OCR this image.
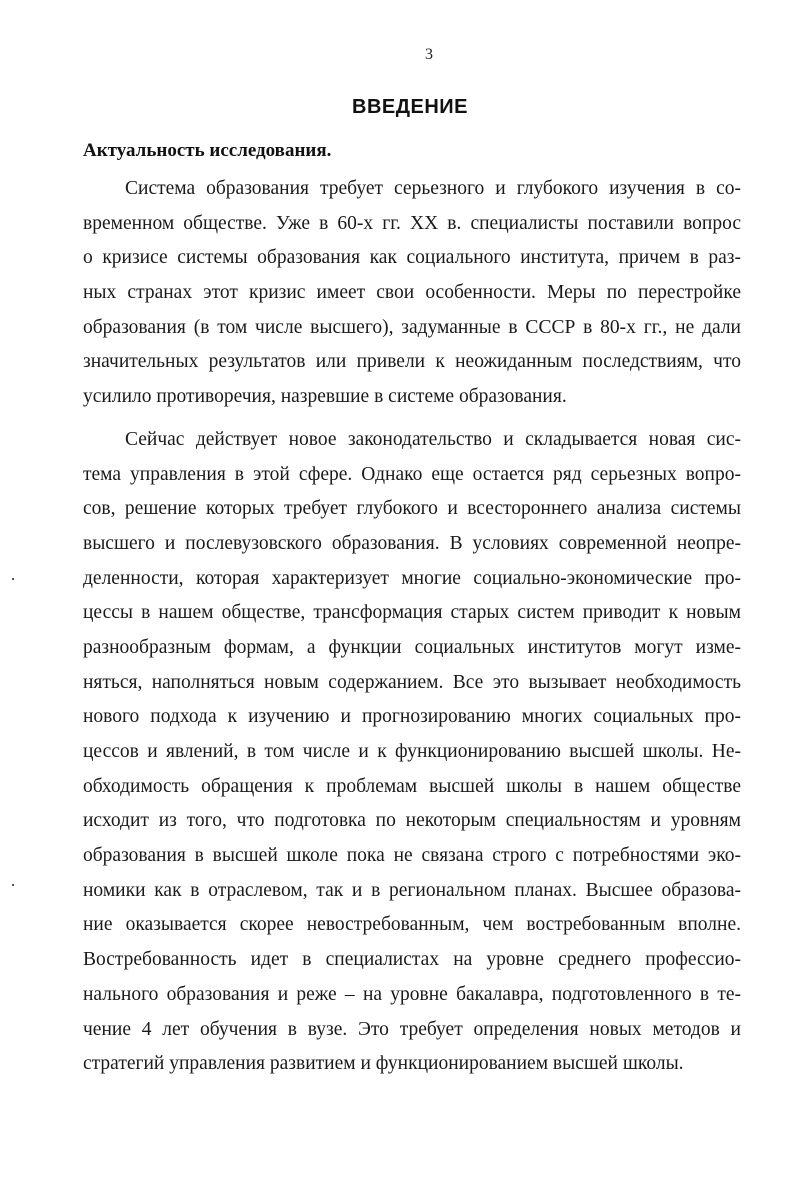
3
ВВЕДЕНИЕ
Актуальность исследования.
Система образования требует серьезного и глубокого изучения в со-
временном обществе. Уже в 60-х гг. XX в. специалисты поставили вопрос
о кризисе системы образования как социального института, причем в раз-
ных странах этот кризис имеет свои особенности. Меры по перестройке
образования (в том числе высшего), задуманные в СССР в 80-х гг., не дали
значительных результатов или привели к неожиданным последствиям, что
усилило противоречия, назревшие в системе образования.
Сейчас действует новое законодательство и складывается новая сис-
тема управления в этой сфере. Однако еще остается ряд серьезных вопро-
сов, решение которых требует глубокого и всестороннего анализа системы
высшего и послевузовского образования. В условиях современной неопре-
деленности, которая характеризует многие социально-экономические про-
цессы в нашем обществе, трансформация старых систем приводит к новым
разнообразным формам, а функции социальных институтов могут изме-
няться, наполняться новым содержанием. Все это вызывает необходимость
нового подхода к изучению и прогнозированию многих социальных про-
цессов и явлений, в том числе и к функционированию высшей школы. Не-
обходимость обращения к проблемам высшей школы в нашем обществе
исходит из того, что подготовка по некоторым специальностям и уровням
образования в высшей школе пока не связана строго с потребностями эко-
номики как в отраслевом, так и в региональном планах. Высшее образова-
ние оказывается скорее невостребованным, чем востребованным вполне.
Востребованность идет в специалистах на уровне среднего профессио-
нального образования и реже – на уровне бакалавра, подготовленного в те-
чение 4 лет обучения в вузе. Это требует определения новых методов и
стратегий управления развитием и функционированием высшей школы.
